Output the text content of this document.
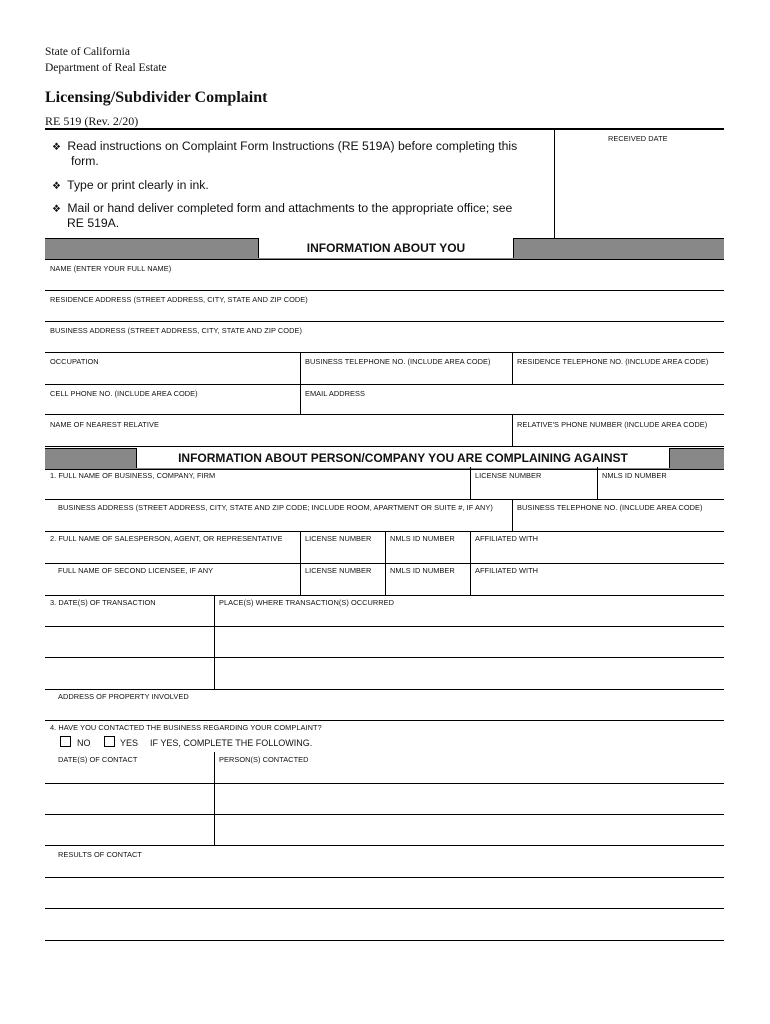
State of California
Department of Real Estate
Licensing/Subdivider Complaint
RE 519 (Rev. 2/20)
RECEIVED DATE
❖ Read instructions on Complaint Form Instructions (RE 519A) before completing this
form.
❖ Type or print clearly in ink.
❖ Mail or hand deliver completed form and attachments to the appropriate office; see
RE 519A.
INFORMATION ABOUT YOU
NAME (ENTER YOUR FULL NAME)
RESIDENCE ADDRESS (STREET ADDRESS, CITY, STATE AND ZIP CODE)
BUSINESS ADDRESS (STREET ADDRESS, CITY, STATE AND ZIP CODE)
OCCUPATION	BUSINESS TELEPHONE NO. (INCLUDE AREA CODE)	RESIDENCE TELEPHONE NO. (INCLUDE AREA CODE)
CELL PHONE NO. (INCLUDE AREA CODE)	EMAIL ADDRESS
NAME OF NEAREST RELATIVE	RELATIVE'S PHONE NUMBER (INCLUDE AREA CODE)
INFORMATION ABOUT PERSON/COMPANY YOU ARE COMPLAINING AGAINST
1. FULL NAME OF BUSINESS, COMPANY, FIRM	LICENSE NUMBER	NMLS ID NUMBER
BUSINESS ADDRESS (STREET ADDRESS, CITY, STATE AND ZIP CODE; INCLUDE ROOM, APARTMENT OR SUITE #, IF ANY)	BUSINESS TELEPHONE NO. (INCLUDE AREA CODE)
2. FULL NAME OF SALESPERSON, AGENT, OR REPRESENTATIVE	LICENSE NUMBER	NMLS ID NUMBER	AFFILIATED WITH
FULL NAME OF SECOND LICENSEE, IF ANY	LICENSE NUMBER	NMLS ID NUMBER	AFFILIATED WITH
3. DATE(S) OF TRANSACTION	PLACE(S) WHERE TRANSACTION(S) OCCURRED
ADDRESS OF PROPERTY INVOLVED
4. HAVE YOU CONTACTED THE BUSINESS REGARDING YOUR COMPLAINT?
NO	YES IF YES, COMPLETE THE FOLLOWING.
DATE(S) OF CONTACT	PERSON(S) CONTACTED
RESULTS OF CONTACT
